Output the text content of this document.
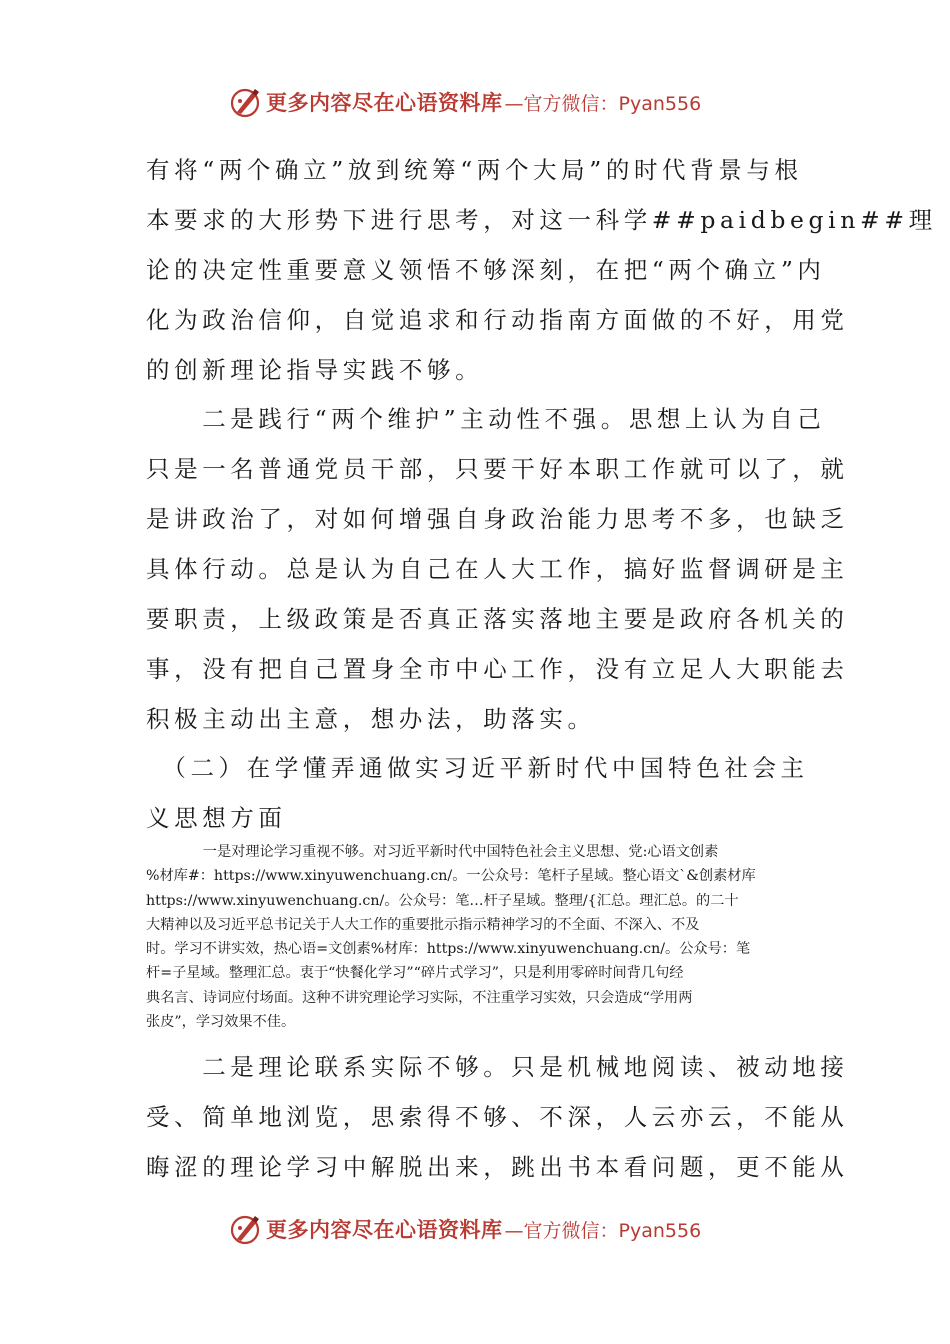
更多内容尽在心语资料库 —官方微信：Pyan556
有将“两个确立”放到统筹“两个大局”的时代背景与根
本要求的大形势下进行思考，对这一科学##paidbegin##理
论的决定性重要意义领悟不够深刻，在把“两个确立”内
化为政治信仰，自觉追求和行动指南方面做的不好，用党
的创新理论指导实践不够。
　　二是践行“两个维护”主动性不强。思想上认为自己
只是一名普通党员干部，只要干好本职工作就可以了，就
是讲政治了，对如何增强自身政治能力思考不多，也缺乏
具体行动。总是认为自己在人大工作，搞好监督调研是主
要职责，上级政策是否真正落实落地主要是政府各机关的
事，没有把自己置身全市中心工作，没有立足人大职能去
积极主动出主意，想办法，助落实。
　（二）在学懂弄通做实习近平新时代中国特色社会主
义思想方面
　　　　一是对理论学习重视不够。对习近平新时代中国特色社会主义思想、党:心语文创素
%材库#：https://www.xinyuwenchuang.cn/。一公众号：笔杆子星域。整心语文`&创素材库
https://www.xinyuwenchuang.cn/。公众号：笔…杆子星域。整理/{汇总。理汇总。的二十
大精神以及习近平总书记关于人大工作的重要批示指示精神学习的不全面、不深入、不及
时。学习不讲实效，热心语=文创素%材库：https://www.xinyuwenchuang.cn/。公众号：笔
杆=子星域。整理汇总。衷于“快餐化学习”“碎片式学习”，只是利用零碎时间背几句经
典名言、诗词应付场面。这种不讲究理论学习实际，不注重学习实效，只会造成“学用两
张皮”，学习效果不佳。
　　二是理论联系实际不够。只是机械地阅读、被动地接
受、简单地浏览，思索得不够、不深，人云亦云，不能从
晦涩的理论学习中解脱出来，跳出书本看问题，更不能从
更多内容尽在心语资料库 —官方微信：Pyan556
